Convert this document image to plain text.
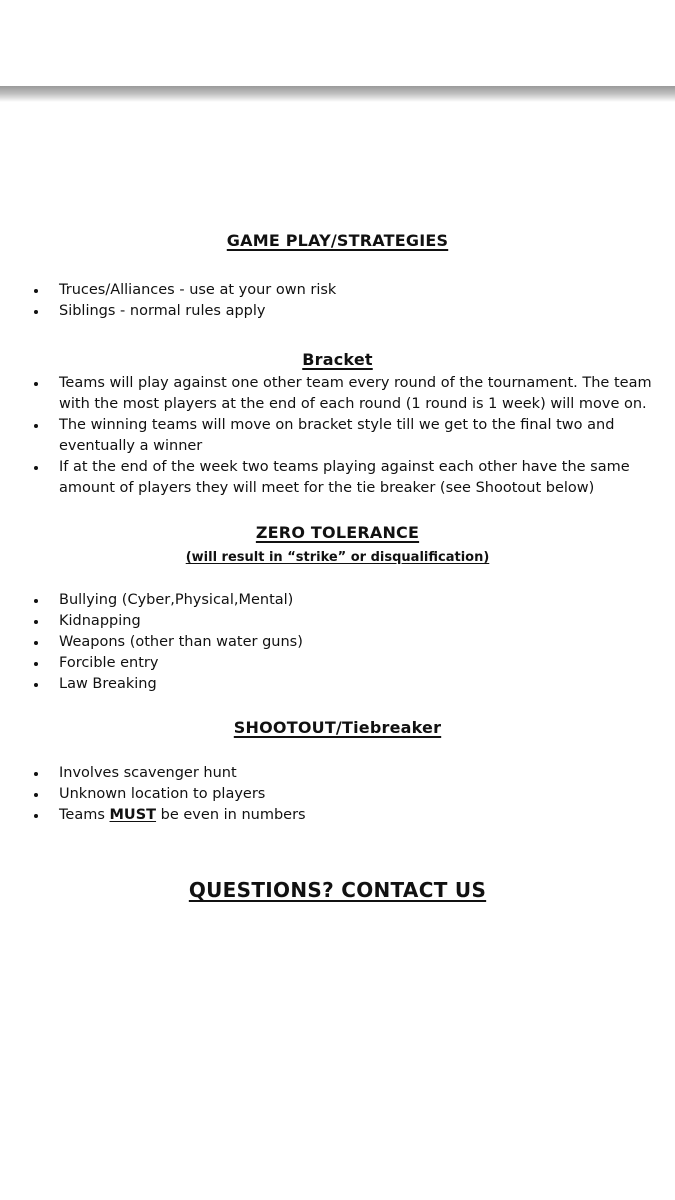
GAME PLAY/STRATEGIES
Truces/Alliances - use at your own risk
Siblings - normal rules apply
Bracket
Teams will play against one other team every round of the tournament. The team with the most players at the end of each round (1 round is 1 week) will move on.
The winning teams will move on bracket style till we get to the final two and eventually a winner
If at the end of the week two teams playing against each other have the same amount of players they will meet for the tie breaker (see Shootout below)
ZERO TOLERANCE
(will result in “strike” or disqualification)
Bullying (Cyber,Physical,Mental)
Kidnapping
Weapons (other than water guns)
Forcible entry
Law Breaking
SHOOTOUT/Tiebreaker
Involves scavenger hunt
Unknown location to players
Teams MUST be even in numbers
QUESTIONS? CONTACT US
